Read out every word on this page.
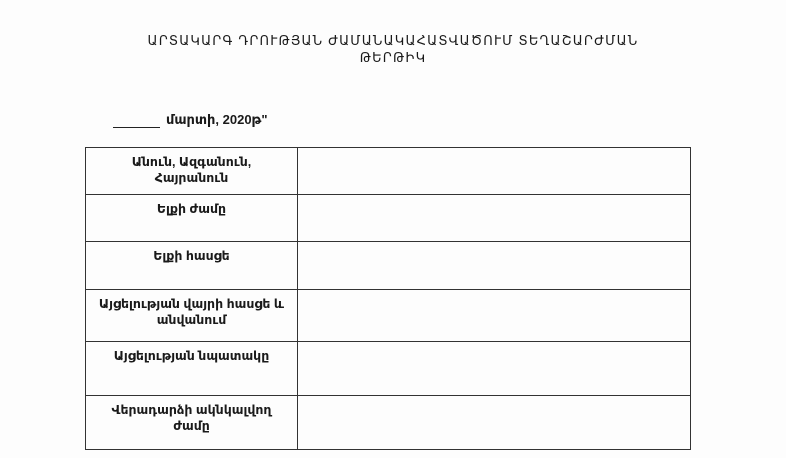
ԱՐՏԱԿԱՐԳ ԴՐՈՒԹՅԱՆ ԺԱՄԱՆԱԿԱՀԱՏՎԱԾՈՒՄ ՏԵՂԱՇԱՐԺՄԱՆ
ԹԵՐԹԻԿ
մարտի, 2020թ"
Անուն, Ազգանուն,
Հայրանուն	

Ելքի ժամը	

Ելքի հասցե	

Այցելության վայրի հասցե և
անվանում	

Այցելության նպատակը	

Վերադարձի ակնկալվող
ժամը	
